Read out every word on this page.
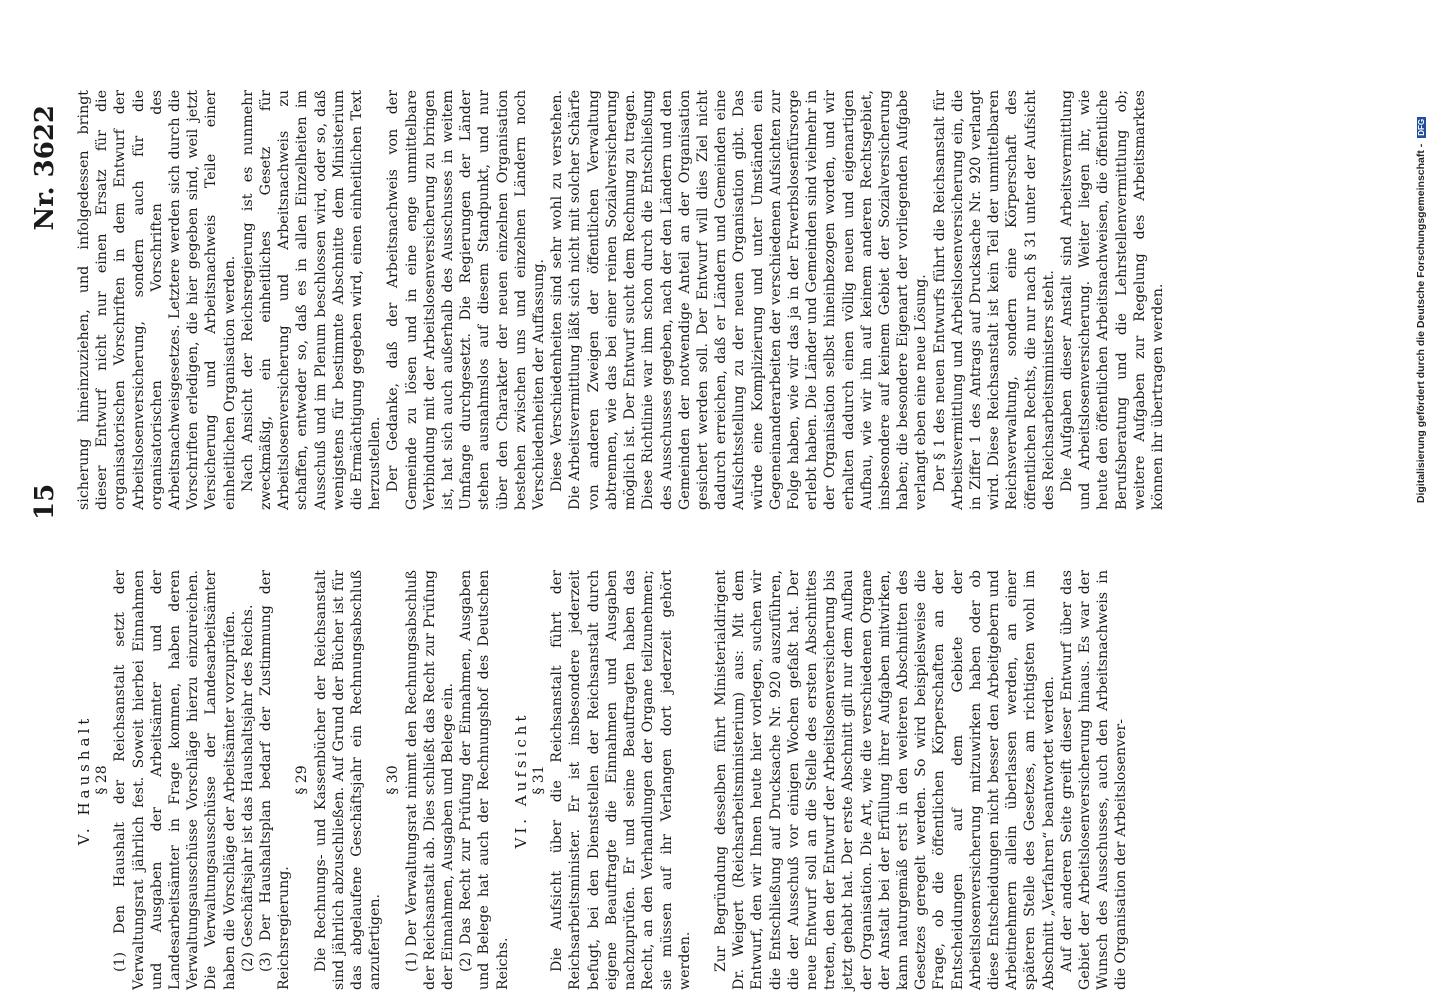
15
Nr. 3622

V. Haushalt § 28 (1) Den Haushalt der Reichsanstalt setzt der Verwaltungsrat jährlich fest. Soweit hierbei Einnahmen und Ausgaben der Arbeitsämter und der Landesarbeitsämter in Frage kommen, haben deren Verwaltungsausschüsse Vorschläge hierzu einzureichen. Die Verwaltungsausschüsse der Landesarbeitsämter haben die Vorschläge der Arbeitsämter vorzuprüfen. (2) Geschäftsjahr ist das Haushaltsjahr des Reichs. (3) Der Haushaltsplan bedarf der Zustimmung der Reichsregierung.

§ 29 Die Rechnungs- und Kassenbücher der Reichsanstalt sind jährlich abzuschließen. Auf Grund der Bücher ist für das abgelaufene Geschäftsjahr ein Rechnungsabschluß anzufertigen.

§ 30 (1) Der Verwaltungsrat nimmt den Rechnungsabschluß der Reichsanstalt ab. Dies schließt das Recht zur Prüfung der Einnahmen, Ausgaben und Belege ein. (2) Das Recht zur Prüfung der Einnahmen, Ausgaben und Belege hat auch der Rechnungshof des Deutschen Reichs.

VI. Aufsicht § 31 Die Aufsicht über die Reichsanstalt führt der Reichsarbeitsminister. Er ist insbesondere jederzeit befugt, bei den Dienststellen der Reichsanstalt durch eigene Beauftragte die Einnahmen und Ausgaben nachzuprüfen. Er und seine Beauftragten haben das Recht, an den Verhandlungen der Organe teilzunehmen; sie müssen auf ihr Verlangen dort jederzeit gehört werden. Zur Begründung desselben führt Ministerialdirigent Dr. Weigert (Reichsarbeitsministerium) aus: Mit dem Entwurf, den wir Ihnen heute hier vorlegen, suchen wir die Entschließung auf Drucksache Nr. 920 auszuführen, die der Ausschuß vor einigen Wochen gefaßt hat. Der neue Entwurf soll an die Stelle des ersten Abschnittes treten, den der Entwurf der Arbeitslosenversicherung bis jetzt gehabt hat. Der erste Abschnitt gilt nur dem Aufbau der Organisation. Die Art, wie die verschiedenen Organe der Anstalt bei der Erfüllung ihrer Aufgaben mitwirken, kann naturgemäß erst in den weiteren Abschnitten des Gesetzes geregelt werden. So wird beispielsweise die Frage, ob die öffentlichen Körperschaften an der Entscheidungen auf dem Gebiete der Arbeitslosenversicherung mitzuwirken haben oder ob diese Entscheidungen nicht besser den Arbeitgebern und Arbeitnehmern allein überlassen werden, an einer späteren Stelle des Gesetzes, am richtigsten wohl im Abschnitt „Verfahren“ beantwortet werden. Auf der anderen Seite greift dieser Entwurf über das Gebiet der Arbeitslosenversicherung hinaus. Es war der Wunsch des Ausschusses, auch den Arbeitsnachweis in die Organisation der Arbeitslosenver-

sicherung hineinzuziehen, und infolgedessen bringt dieser Entwurf nicht nur einen Ersatz für die organisatorischen Vorschriften in dem Entwurf der Arbeitslosenversicherung, sondern auch für die organisatorischen Vorschriften des Arbeitsnachweisgesetzes. Letztere werden sich durch die Vorschriften erledigen, die hier gegeben sind, weil jetzt Versicherung und Arbeitsnachweis Teile einer einheitlichen Organisation werden. Nach Ansicht der Reichsregierung ist es nunmehr zweckmäßig, ein einheitliches Gesetz für Arbeitslosenversicherung und Arbeitsnachweis zu schaffen, entweder so, daß es in allen Einzelheiten im Ausschuß und im Plenum beschlossen wird, oder so, daß wenigstens für bestimmte Abschnitte dem Ministerium die Ermächtigung gegeben wird, einen einheitlichen Text herzustellen. Der Gedanke, daß der Arbeitsnachweis von der Gemeinde zu lösen und in eine enge unmittelbare Verbindung mit der Arbeitslosenversicherung zu bringen ist, hat sich auch außerhalb des Ausschusses in weitem Umfange durchgesetzt. Die Regierungen der Länder stehen ausnahmslos auf diesem Standpunkt, und nur über den Charakter der neuen einzelnen Organisation bestehen zwischen uns und einzelnen Ländern noch Verschiedenheiten der Auffassung. Diese Verschiedenheiten sind sehr wohl zu verstehen. Die Arbeitsvermittlung läßt sich nicht mit solcher Schärfe von anderen Zweigen der öffentlichen Verwaltung abtrennen, wie das bei einer reinen Sozialversicherung möglich ist. Der Entwurf sucht dem Rechnung zu tragen. Diese Richtlinie war ihm schon durch die Entschließung des Ausschusses gegeben, nach der den Ländern und den Gemeinden der notwendige Anteil an der Organisation gesichert werden soll. Der Entwurf will dies Ziel nicht dadurch erreichen, daß er Ländern und Gemeinden eine Aufsichtsstellung zu der neuen Organisation gibt. Das würde eine Komplizierung und unter Umständen ein Gegeneinanderarbeiten der verschiedenen Aufsichten zur Folge haben, wie wir das ja in der Erwerbslosenfürsorge erlebt haben. Die Länder und Gemeinden sind vielmehr in der Organisation selbst hineinbezogen worden, und wir erhalten dadurch einen völlig neuen und eigenartigen Aufbau, wie wir ihn auf keinem anderen Rechtsgebiet, insbesondere auf keinem Gebiet der Sozialversicherung haben; die besondere Eigenart der vorliegenden Aufgabe verlangt eben eine neue Lösung. Der § 1 des neuen Entwurfs führt die Reichsanstalt für Arbeitsvermittlung und Arbeitslosenversicherung ein, die in Ziffer 1 des Antrags auf Drucksache Nr. 920 verlangt wird. Diese Reichsanstalt ist kein Teil der unmittelbaren Reichsverwaltung, sondern eine Körperschaft des öffentlichen Rechts, die nur nach § 31 unter der Aufsicht des Reichsarbeitsministers steht. Die Aufgaben dieser Anstalt sind Arbeitsvermittlung und Arbeitslosenversicherung. Weiter liegen ihr, wie heute den öffentlichen Arbeitsnachweisen, die öffentliche Berufsberatung und die Lehrstellenvermittlung ob; weitere Aufgaben zur Regelung des Arbeitsmarktes können ihr übertragen werden.	Digitalisierung gefördert durch die Deutsche Forschungsgemeinschaft - DFG
